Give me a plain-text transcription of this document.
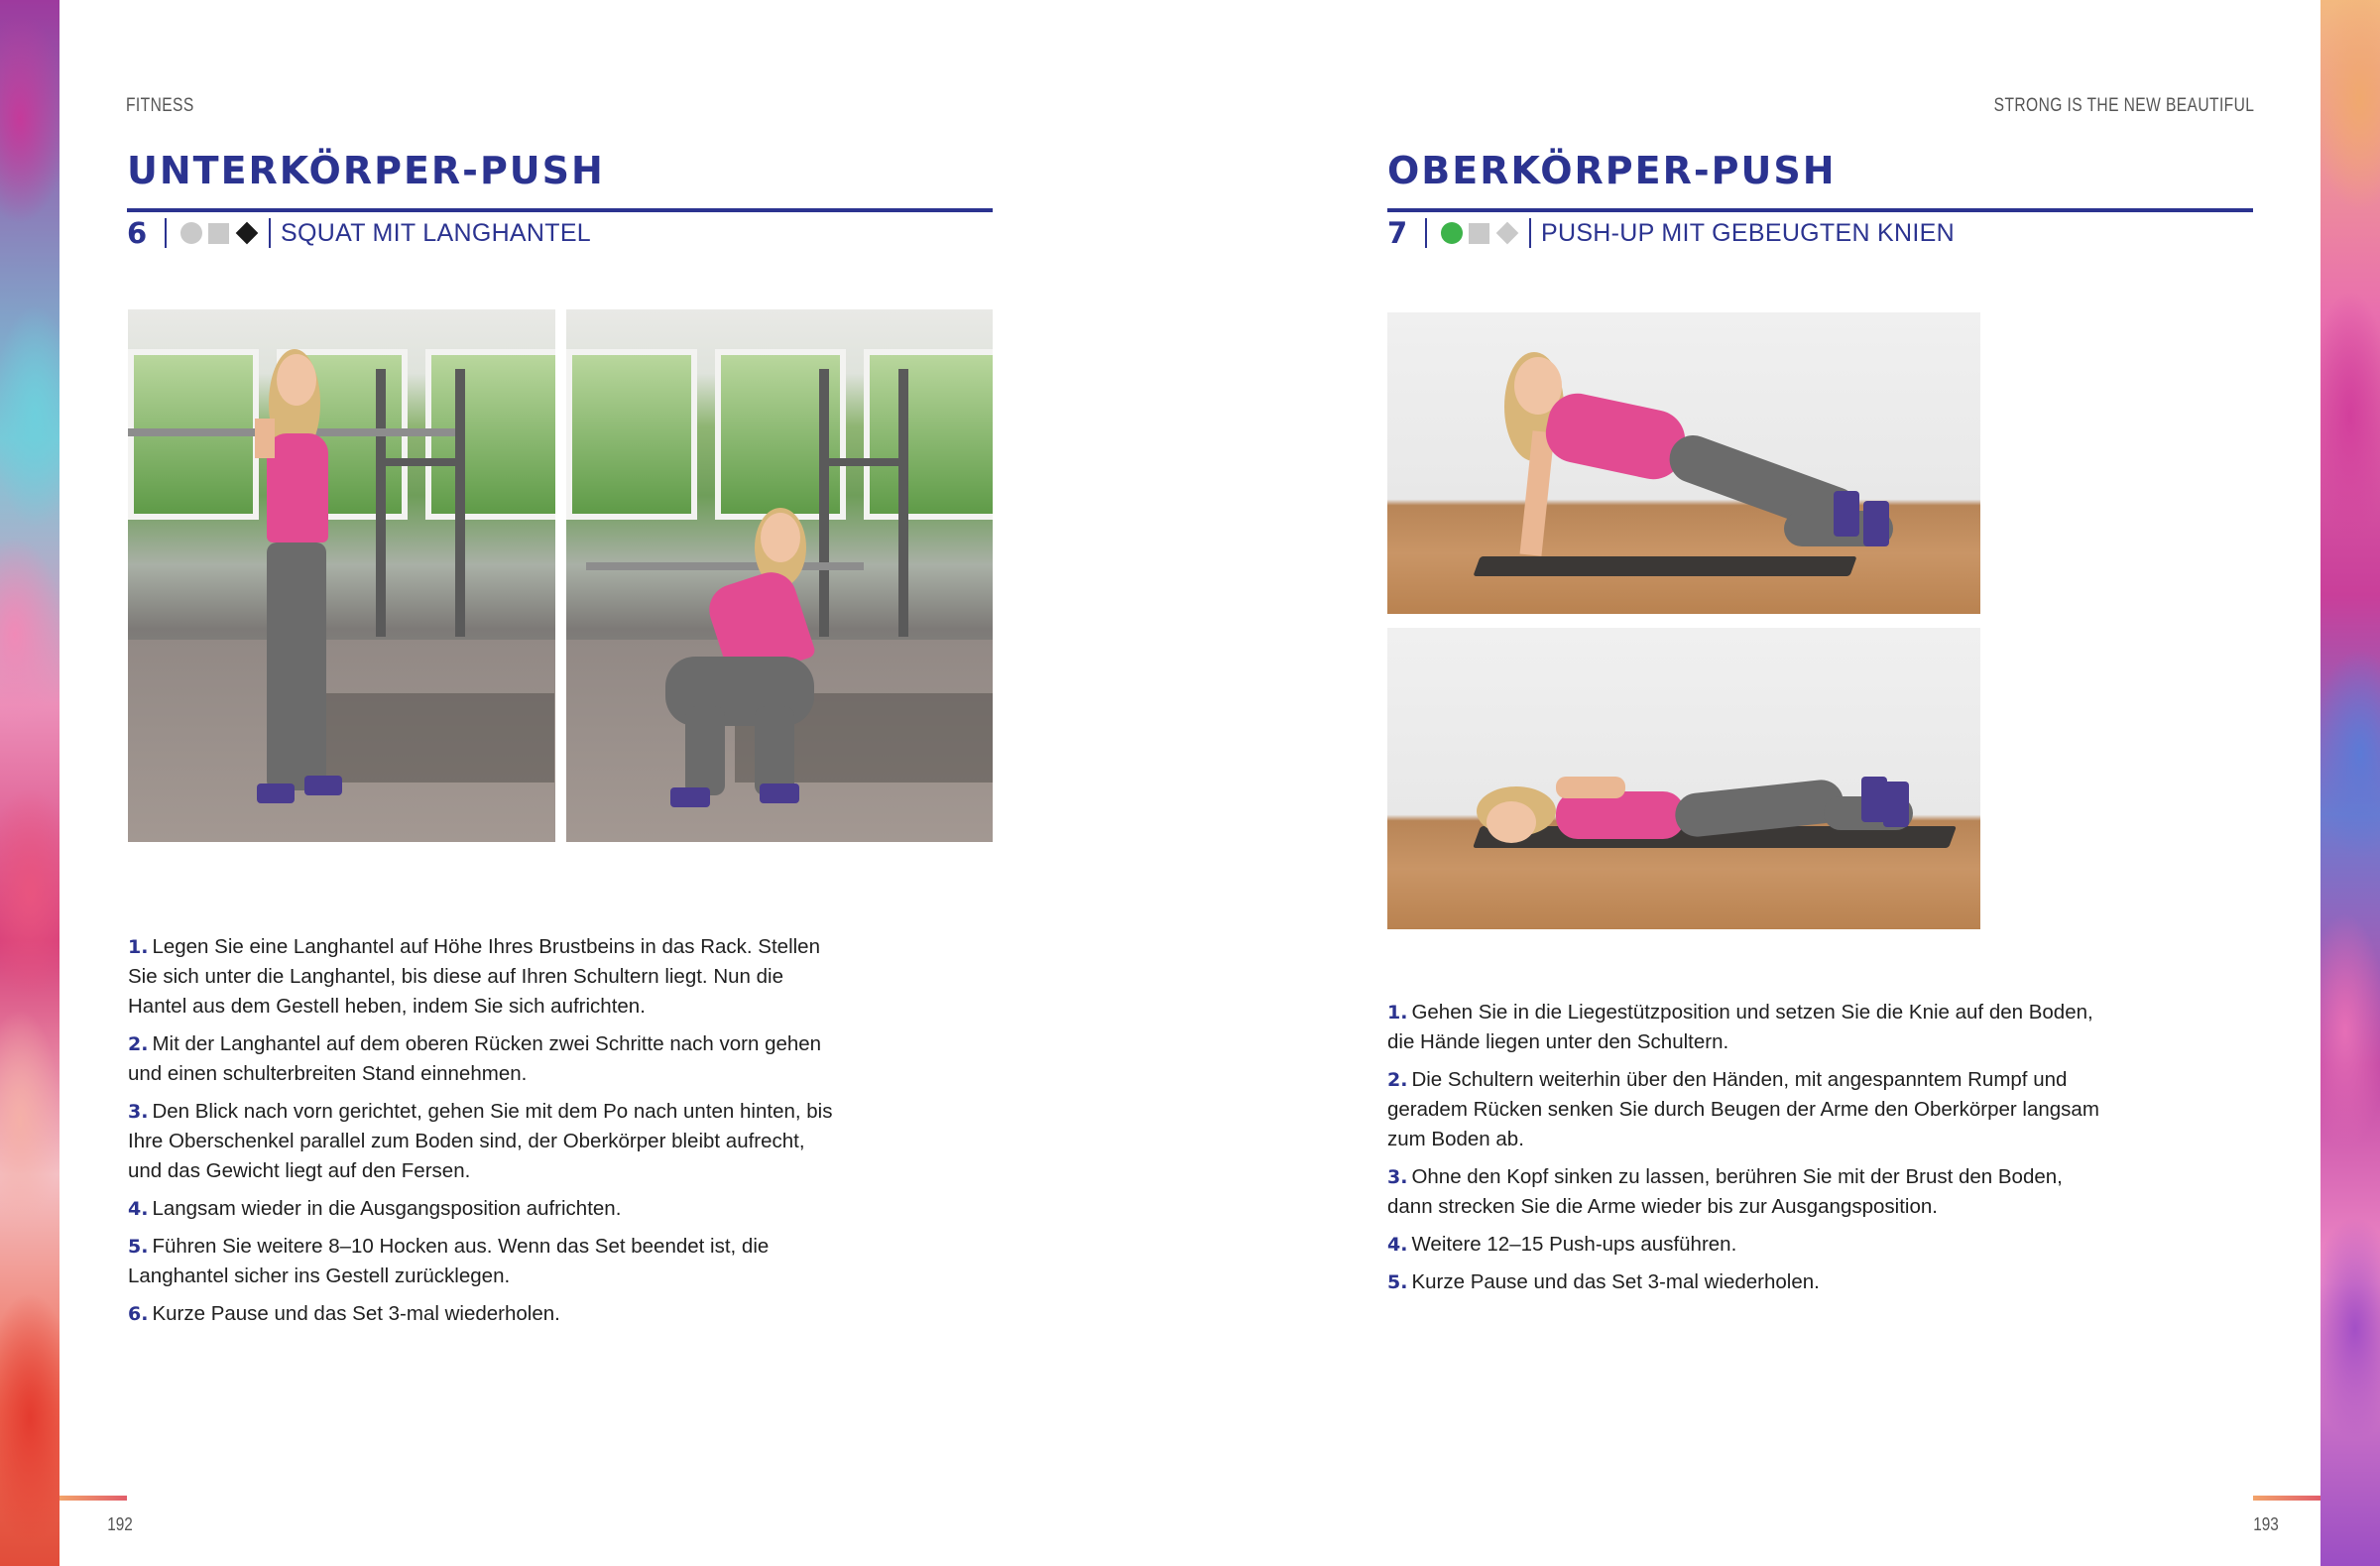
FITNESS	STRONG IS THE NEW BEAUTIFUL
UNTERKÖRPER-PUSH
6	SQUAT MIT LANGHANTEL
1. Legen Sie eine Langhantel auf Höhe Ihres Brustbeins in das Rack. Stellen Sie sich unter die Langhantel, bis diese auf Ihren Schultern liegt. Nun die Hantel aus dem Gestell heben, indem Sie sich aufrichten.
2. Mit der Langhantel auf dem oberen Rücken zwei Schritte nach vorn gehen und einen schulterbreiten Stand einnehmen.
3. Den Blick nach vorn gerichtet, gehen Sie mit dem Po nach unten hinten, bis Ihre Oberschenkel parallel zum Boden sind, der Oberkörper bleibt aufrecht, und das Gewicht liegt auf den Fersen.
4. Langsam wieder in die Ausgangsposition aufrichten.
5. Führen Sie weitere 8–10 Hocken aus. Wenn das Set beendet ist, die Langhantel sicher ins Gestell zurücklegen.
6. Kurze Pause und das Set 3-mal wiederholen.
192
OBERKÖRPER-PUSH
7	PUSH-UP MIT GEBEUGTEN KNIEN
1. Gehen Sie in die Liegestützposition und setzen Sie die Knie auf den Boden, die Hände liegen unter den Schultern.
2. Die Schultern weiterhin über den Händen, mit angespanntem Rumpf und geradem Rücken senken Sie durch Beugen der Arme den Oberkörper langsam zum Boden ab.
3. Ohne den Kopf sinken zu lassen, berühren Sie mit der Brust den Boden, dann strecken Sie die Arme wieder bis zur Ausgangsposition.
4. Weitere 12–15 Push-ups ausführen.
5. Kurze Pause und das Set 3-mal wiederholen.
193
